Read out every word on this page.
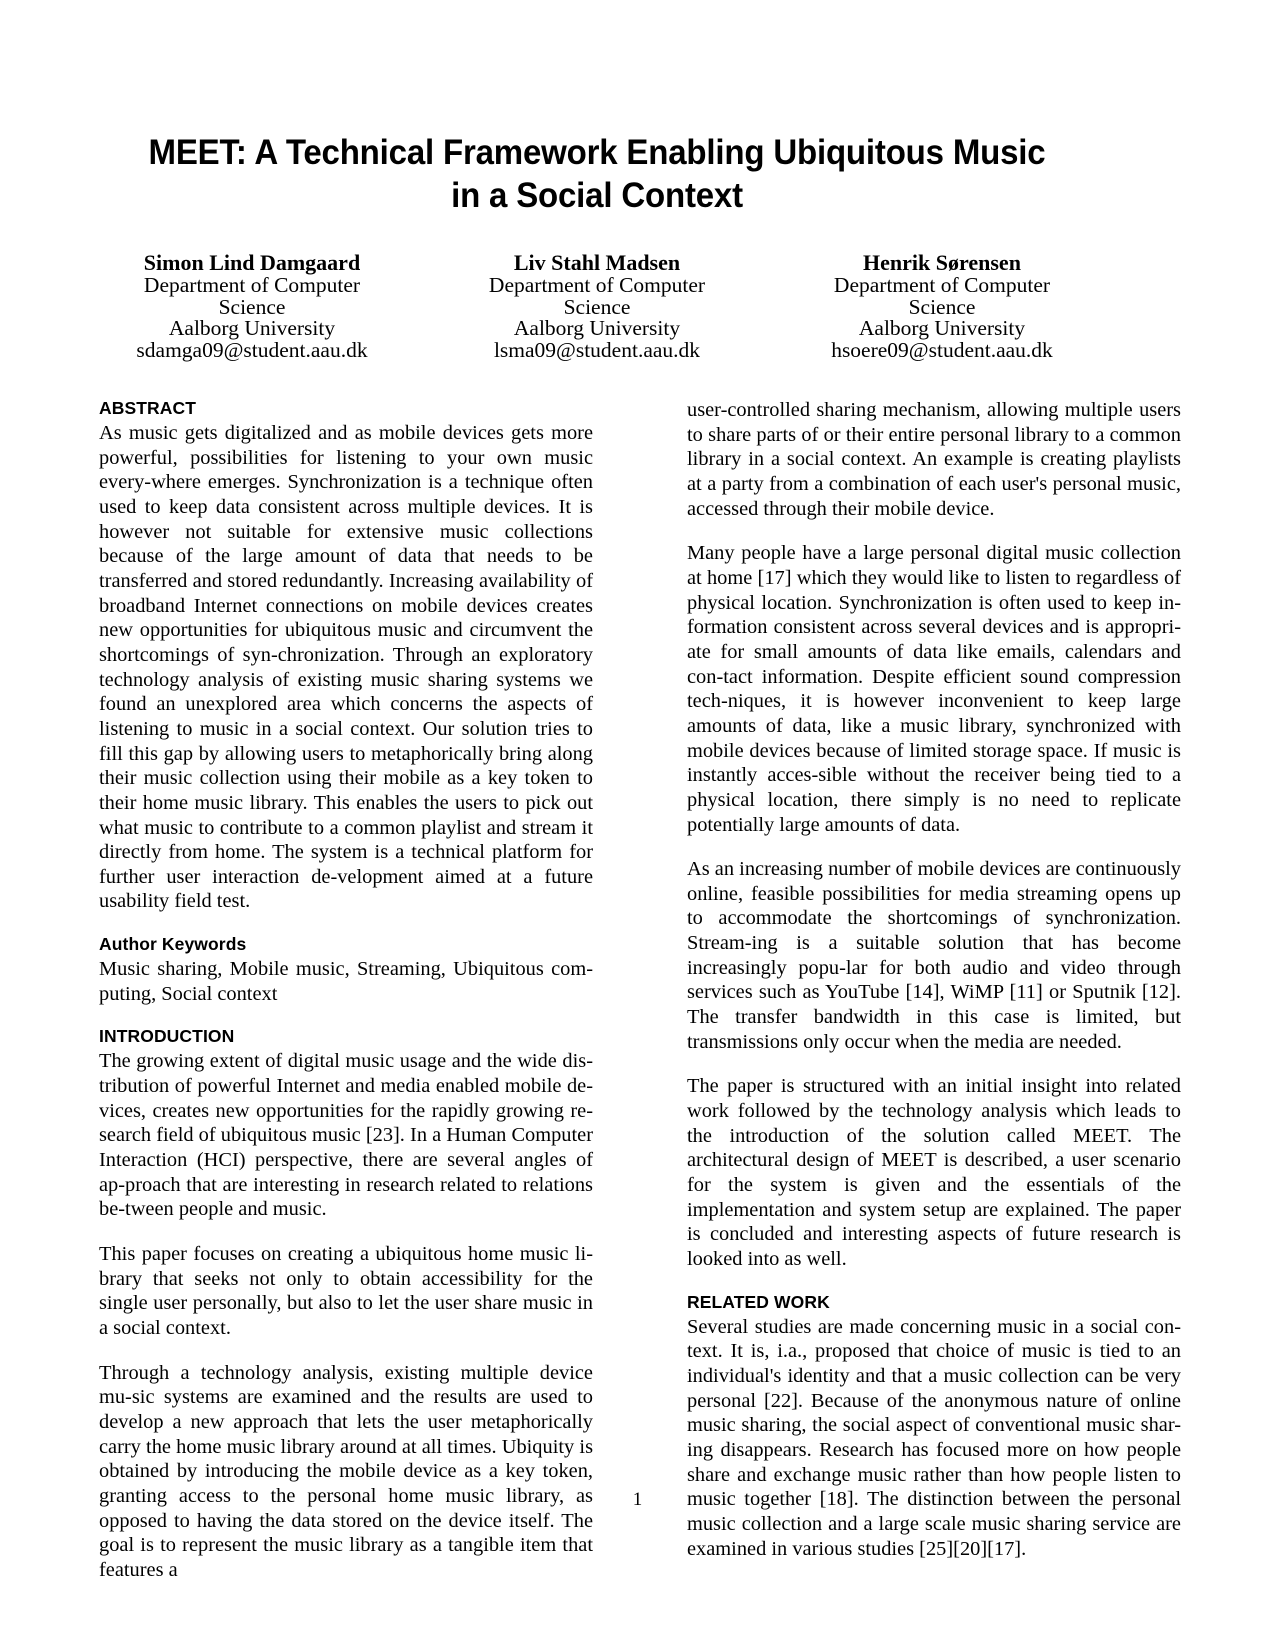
MEET: A Technical Framework Enabling Ubiquitous Music in a Social Context
Simon Lind Damgaard
Department of Computer
Science
Aalborg University
sdamga09@student.aau.dk
Liv Stahl Madsen
Department of Computer
Science
Aalborg University
lsma09@student.aau.dk
Henrik Sørensen
Department of Computer
Science
Aalborg University
hsoere09@student.aau.dk
ABSTRACT

As music gets digitalized and as mobile devices gets more powerful, possibilities for listening to your own music every-where emerges. Synchronization is a technique often used to keep data consistent across multiple devices. It is however not suitable for extensive music collections because of the large amount of data that needs to be transferred and stored redundantly. Increasing availability of broadband Internet connections on mobile devices creates new opportunities for ubiquitous music and circumvent the shortcomings of syn-chronization. Through an exploratory technology analysis of existing music sharing systems we found an unexplored area which concerns the aspects of listening to music in a social context. Our solution tries to fill this gap by allowing users to metaphorically bring along their music collection using their mobile as a key token to their home music library. This enables the users to pick out what music to contribute to a common playlist and stream it directly from home. The system is a technical platform for further user interaction de-velopment aimed at a future usability field test.

Author Keywords

Music sharing, Mobile music, Streaming, Ubiquitous com-puting, Social context

INTRODUCTION

The growing extent of digital music usage and the wide dis-tribution of powerful Internet and media enabled mobile de-vices, creates new opportunities for the rapidly growing re-search field of ubiquitous music [23]. In a Human Computer Interaction (HCI) perspective, there are several angles of ap-proach that are interesting in research related to relations be-tween people and music.

This paper focuses on creating a ubiquitous home music li-brary that seeks not only to obtain accessibility for the single user personally, but also to let the user share music in a social context.

Through a technology analysis, existing multiple device mu-sic systems are examined and the results are used to develop a new approach that lets the user metaphorically carry the home music library around at all times. Ubiquity is obtained by introducing the mobile device as a key token, granting access to the personal home music library, as opposed to having the data stored on the device itself. The goal is to represent the music library as a tangible item that features a

user-controlled sharing mechanism, allowing multiple users to share parts of or their entire personal library to a common library in a social context. An example is creating playlists at a party from a combination of each user's personal music, accessed through their mobile device.

Many people have a large personal digital music collection at home [17] which they would like to listen to regardless of physical location. Synchronization is often used to keep in-formation consistent across several devices and is appropri-ate for small amounts of data like emails, calendars and con-tact information. Despite efficient sound compression tech-niques, it is however inconvenient to keep large amounts of data, like a music library, synchronized with mobile devices because of limited storage space. If music is instantly acces-sible without the receiver being tied to a physical location, there simply is no need to replicate potentially large amounts of data.

As an increasing number of mobile devices are continuously online, feasible possibilities for media streaming opens up to accommodate the shortcomings of synchronization. Stream-ing is a suitable solution that has become increasingly popu-lar for both audio and video through services such as YouTube [14], WiMP [11] or Sputnik [12]. The transfer bandwidth in this case is limited, but transmissions only occur when the media are needed.

The paper is structured with an initial insight into related work followed by the technology analysis which leads to the introduction of the solution called MEET. The architectural design of MEET is described, a user scenario for the system is given and the essentials of the implementation and system setup are explained. The paper is concluded and interesting aspects of future research is looked into as well.

RELATED WORK

Several studies are made concerning music in a social con-text. It is, i.a., proposed that choice of music is tied to an individual's identity and that a music collection can be very personal [22]. Because of the anonymous nature of online music sharing, the social aspect of conventional music shar-ing disappears. Research has focused more on how people share and exchange music rather than how people listen to music together [18]. The distinction between the personal music collection and a large scale music sharing service are examined in various studies [25][20][17].

1
